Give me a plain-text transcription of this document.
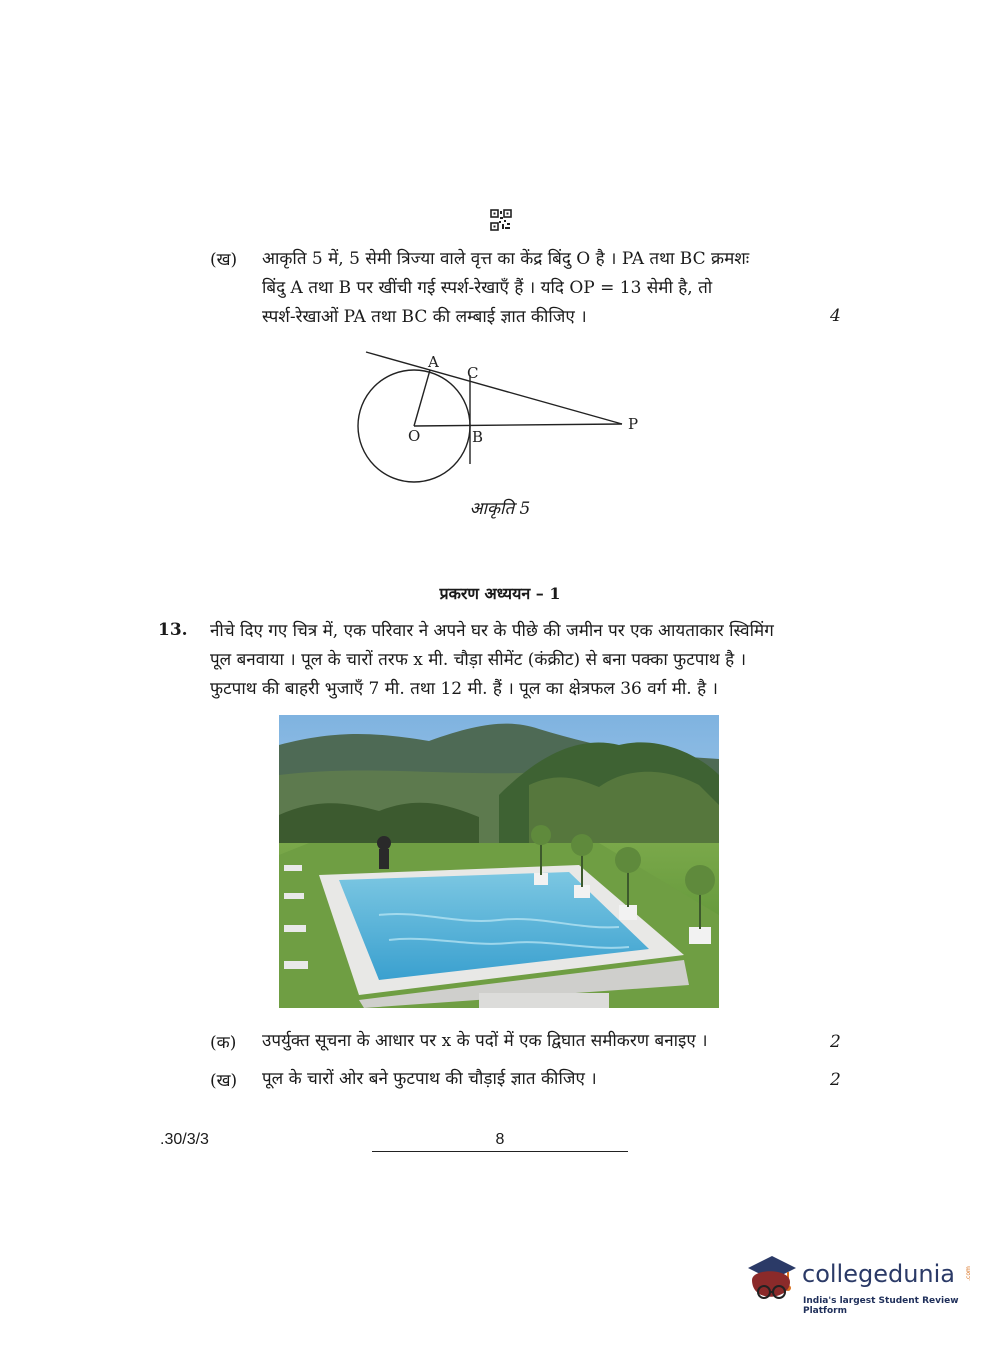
(ख) आकृति 5 में, 5 सेमी त्रिज्या वाले वृत्त का केंद्र बिंदु O है । PA तथा BC क्रमशः
बिंदु A तथा B पर खींची गई स्पर्श-रेखाएँ हैं । यदि OP = 13 सेमी है, तो
स्पर्श-रेखाओं PA तथा BC की लम्बाई ज्ञात कीजिए ।	4
A
C
O	B
P
आकृति 5
प्रकरण अध्ययन – 1
13. नीचे दिए गए चित्र में, एक परिवार ने अपने घर के पीछे की जमीन पर एक आयताकार स्विमिंग
पूल बनवाया । पूल के चारों तरफ x मी. चौड़ा सीमेंट (कंक्रीट) से बना पक्का फुटपाथ है ।
फुटपाथ की बाहरी भुजाएँ 7 मी. तथा 12 मी. हैं । पूल का क्षेत्रफल 36 वर्ग मी. है ।
(क) उपर्युक्त सूचना के आधार पर x के पदों में एक द्विघात समीकरण बनाइए ।	2
(ख) पूल के चारों ओर बने फुटपाथ की चौड़ाई ज्ञात कीजिए ।	2
.30/3/3	8
collegedunia .com
India's largest Student Review Platform
